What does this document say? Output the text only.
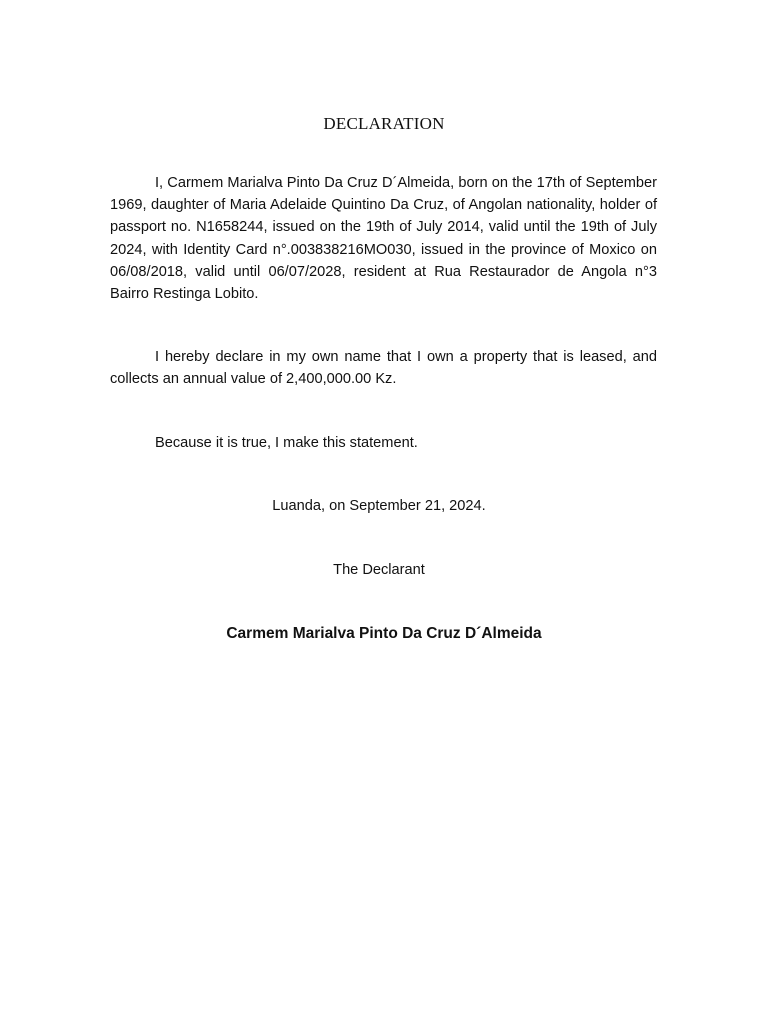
DECLARATION

I, Carmem Marialva Pinto Da Cruz D´Almeida, born on the 17th of September 1969, daughter of Maria Adelaide Quintino Da Cruz, of Angolan nationality, holder of passport no. N1658244, issued on the 19th of July 2014, valid until the 19th of July 2024, with Identity Card n°.003838216MO030, issued in the province of Moxico on 06/08/2018, valid until 06/07/2028, resident at Rua Restaurador de Angola n°3 Bairro Restinga Lobito.

I hereby declare in my own name that I own a property that is leased, and collects an annual value of 2,400,000.00 Kz.

Because it is true, I make this statement.

Luanda, on September 21, 2024.
The Declarant
Carmem Marialva Pinto Da Cruz D´Almeida
